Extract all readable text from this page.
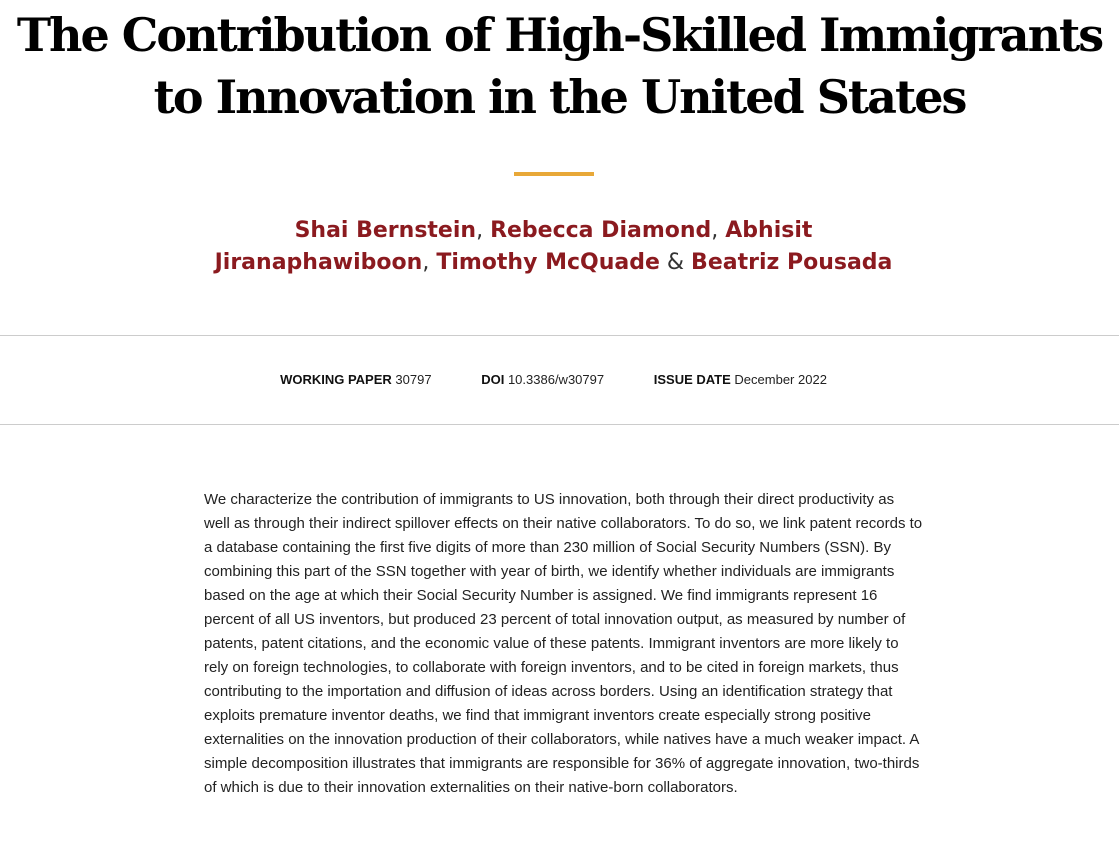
The Contribution of High-Skilled Immigrants
to Innovation in the United States
Shai Bernstein, Rebecca Diamond, Abhisit Jiranaphawiboon, Timothy McQuade & Beatriz Pousada
WORKING PAPER 30797	DOI 10.3386/w30797	ISSUE DATE December 2022

We characterize the contribution of immigrants to US innovation, both through their direct productivity as well as through their indirect spillover effects on their native collaborators. To do so, we link patent records to a database containing the first five digits of more than 230 million of Social Security Numbers (SSN). By combining this part of the SSN together with year of birth, we identify whether individuals are immigrants based on the age at which their Social Security Number is assigned. We find immigrants represent 16 percent of all US inventors, but produced 23 percent of total innovation output, as measured by number of patents, patent citations, and the economic value of these patents. Immigrant inventors are more likely to rely on foreign technologies, to collaborate with foreign inventors, and to be cited in foreign markets, thus contributing to the importation and diffusion of ideas across borders. Using an identification strategy that exploits premature inventor deaths, we find that immigrant inventors create especially strong positive externalities on the innovation production of their collaborators, while natives have a much weaker impact. A simple decomposition illustrates that immigrants are responsible for 36% of aggregate innovation, two-thirds of which is due to their innovation externalities on their native-born collaborators.
